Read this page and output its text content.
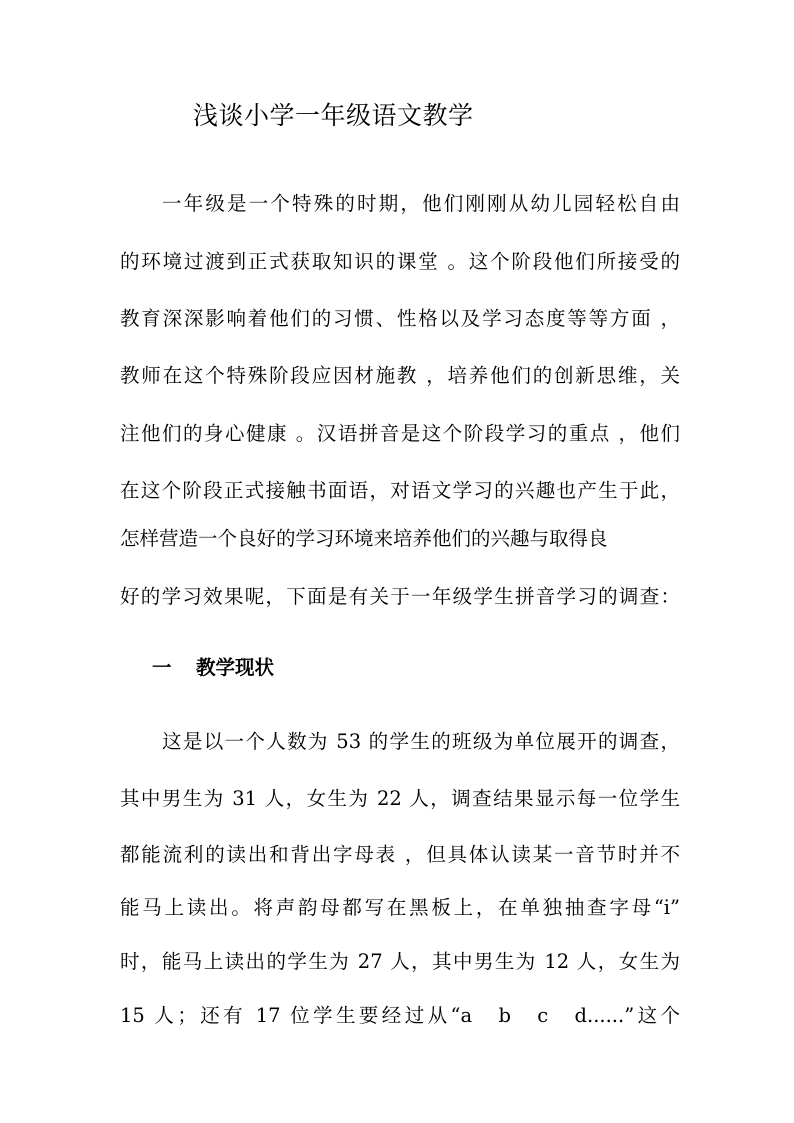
浅谈小学一年级语文教学

一年级是一个特殊的时期，他们刚刚从幼儿园轻松自由

的环境过渡到正式获取知识的课堂 。这个阶段他们所接受的

教育深深影响着他们的习惯、性格以及学习态度等等方面 ，

教师在这个特殊阶段应因材施教 ，培养他们的创新思维，关

注他们的身心健康 。汉语拼音是这个阶段学习的重点 ，他们

在这个阶段正式接触书面语，对语文学习的兴趣也产生于此，

怎样营造一个良好的学习环境来培养他们的兴趣与取得良

好的学习效果呢，下面是有关于一年级学生拼音学习的调查：

一 教学现状

这是以一个人数为 53 的学生的班级为单位展开的调查，

其中男生为 31 人，女生为 22 人，调查结果显示每一位学生

都能流利的读出和背出字母表 ，但具体认读某一音节时并不

能马上读出。将声韵母都写在黑板上，在单独抽查字母“i”

时，能马上读出的学生为 27 人，其中男生为 12 人，女生为

15 人；还有 17 位学生要经过从“a　b　c　d......”这个
